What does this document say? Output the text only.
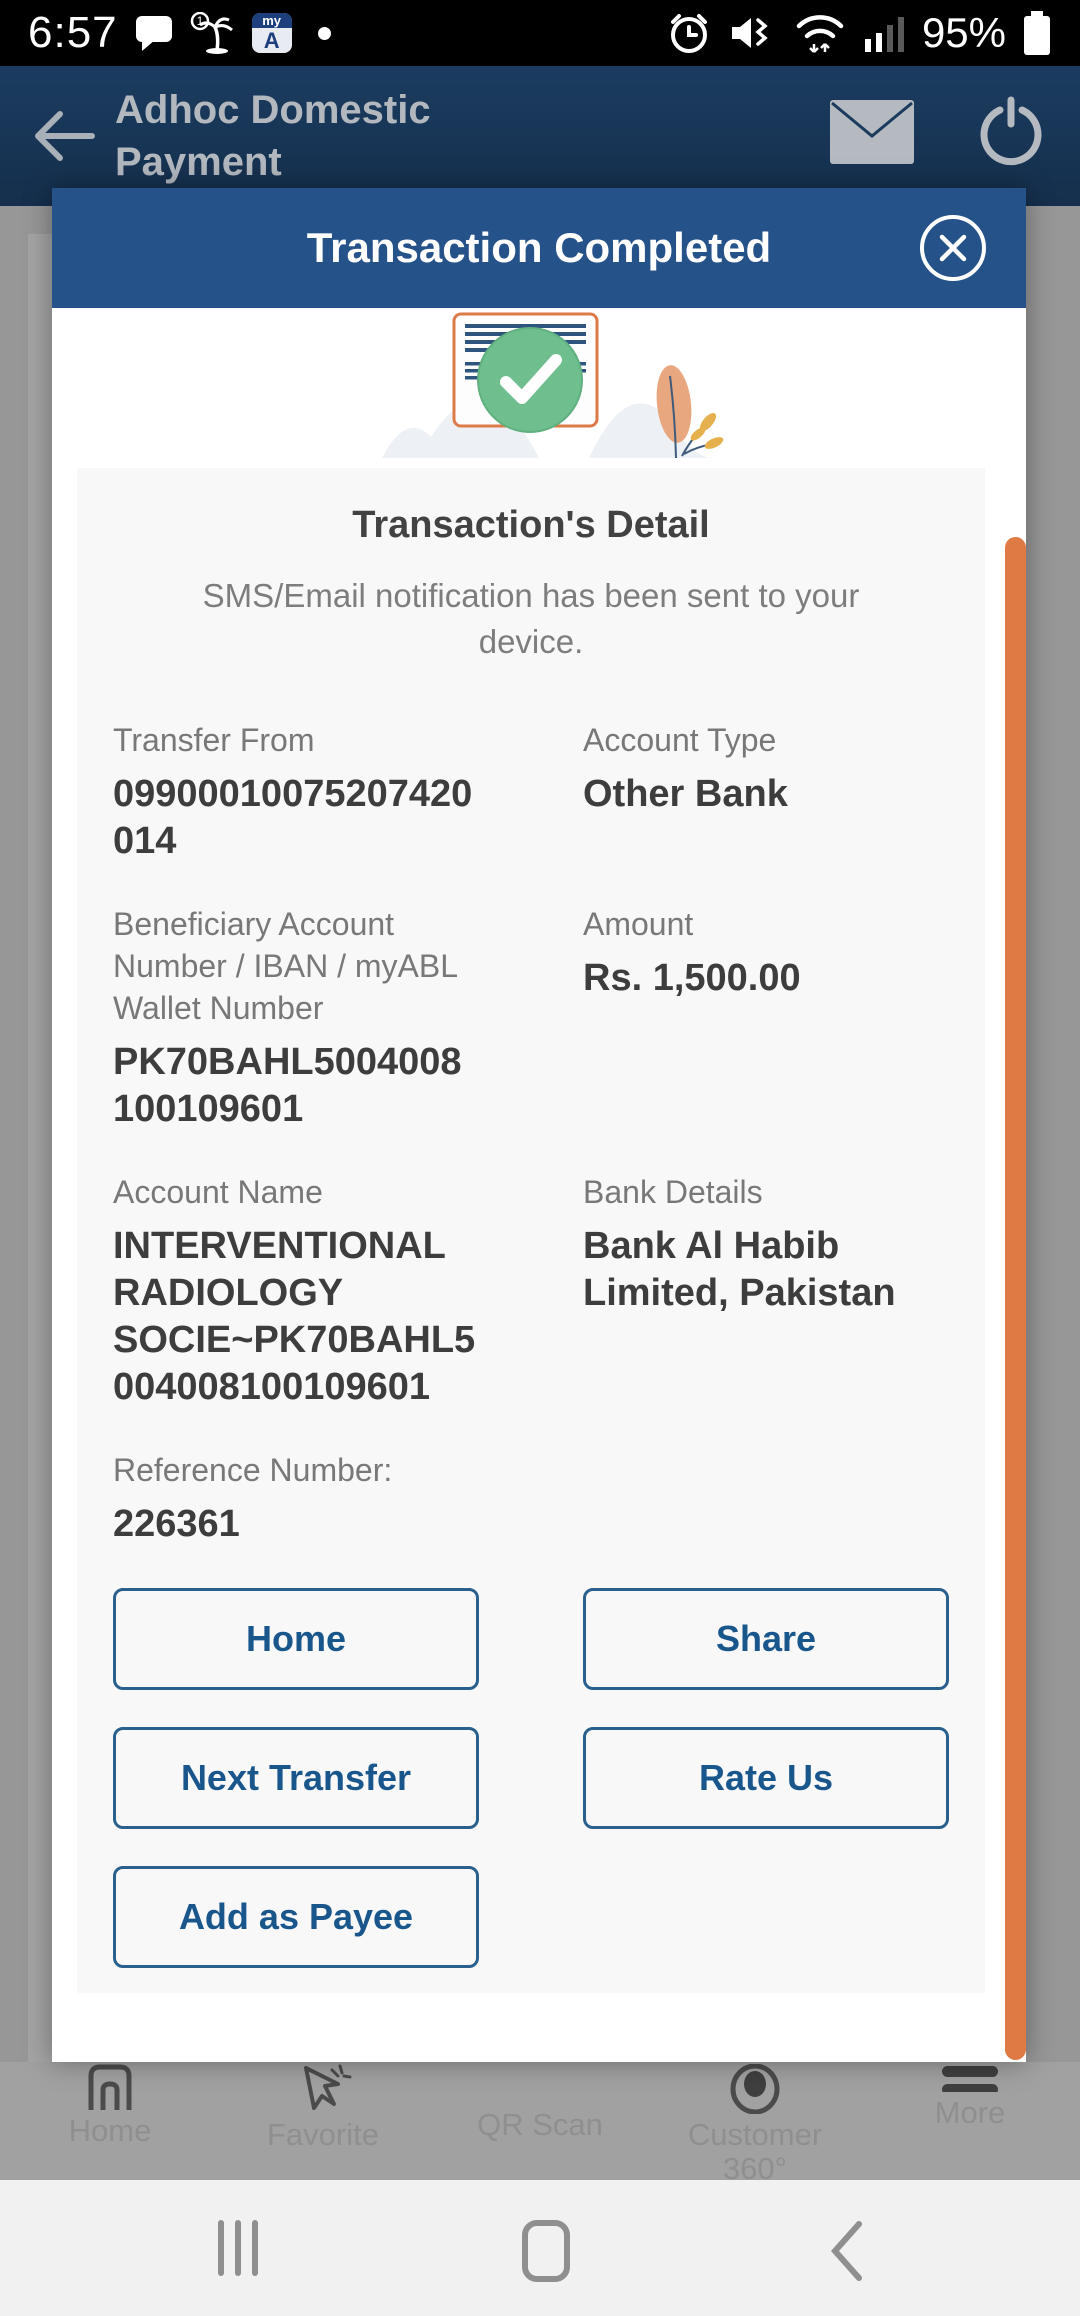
6:57	1	my
A	95%
Adhoc Domestic Payment
Home	Favorite	QR Scan	Customer 360°
More
Transaction Completed
Transaction's Detail

SMS/Email notification has been sent to your device.

Transfer From
09900010075207420014
Account Type
Other Bank
Beneficiary Account Number / IBAN / myABL Wallet Number
PK70BAHL5004008100109601
Amount
Rs. 1,500.00
Account Name
INTERVENTIONAL RADIOLOGY SOCIE~PK70BAHL5004008100109601
Bank Details
Bank Al Habib Limited, Pakistan
Reference Number:
226361
Home	Share
Next Transfer	Rate Us
Add as Payee
